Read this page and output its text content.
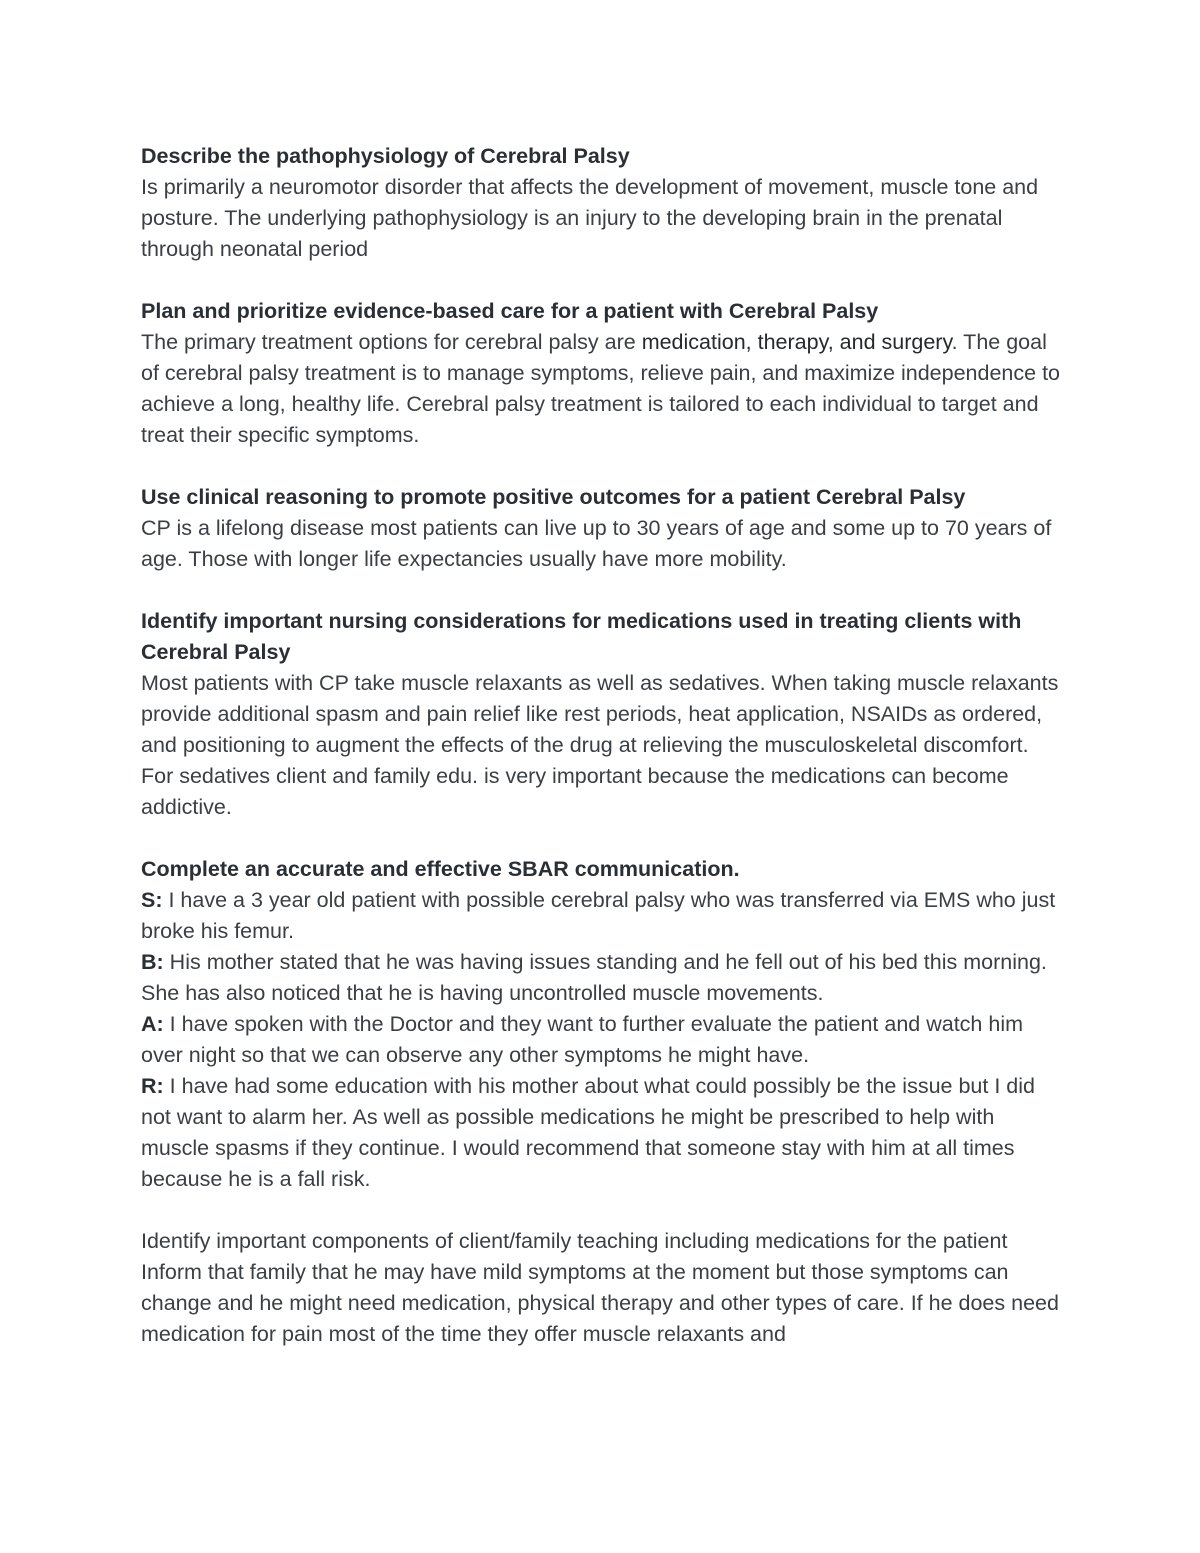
Describe the pathophysiology of Cerebral Palsy

Is primarily a neuromotor disorder that affects the development of movement, muscle tone and posture. The underlying pathophysiology is an injury to the developing brain in the prenatal through neonatal period

Plan and prioritize evidence-based care for a patient with Cerebral Palsy

The primary treatment options for cerebral palsy are medication, therapy, and surgery. The goal of cerebral palsy treatment is to manage symptoms, relieve pain, and maximize independence to achieve a long, healthy life. Cerebral palsy treatment is tailored to each individual to target and treat their specific symptoms.

Use clinical reasoning to promote positive outcomes for a patient Cerebral Palsy

CP is a lifelong disease most patients can live up to 30 years of age and some up to 70 years of age. Those with longer life expectancies usually have more mobility.

Identify important nursing considerations for medications used in treating clients with Cerebral Palsy

Most patients with CP take muscle relaxants as well as sedatives. When taking muscle relaxants provide additional spasm and pain relief like rest periods, heat application, NSAIDs as ordered, and positioning to augment the effects of the drug at relieving the musculoskeletal discomfort. For sedatives client and family edu. is very important because the medications can become addictive.

Complete an accurate and effective SBAR communication.

S: I have a 3 year old patient with possible cerebral palsy who was transferred via EMS who just broke his femur.

B: His mother stated that he was having issues standing and he fell out of his bed this morning. She has also noticed that he is having uncontrolled muscle movements.

A: I have spoken with the Doctor and they want to further evaluate the patient and watch him over night so that we can observe any other symptoms he might have.

R: I have had some education with his mother about what could possibly be the issue but I did not want to alarm her. As well as possible medications he might be prescribed to help with muscle spasms if they continue. I would recommend that someone stay with him at all times because he is a fall risk.

Identify important components of client/family teaching including medications for the patient

Inform that family that he may have mild symptoms at the moment but those symptoms can change and he might need medication, physical therapy and other types of care. If he does need medication for pain most of the time they offer muscle relaxants and
